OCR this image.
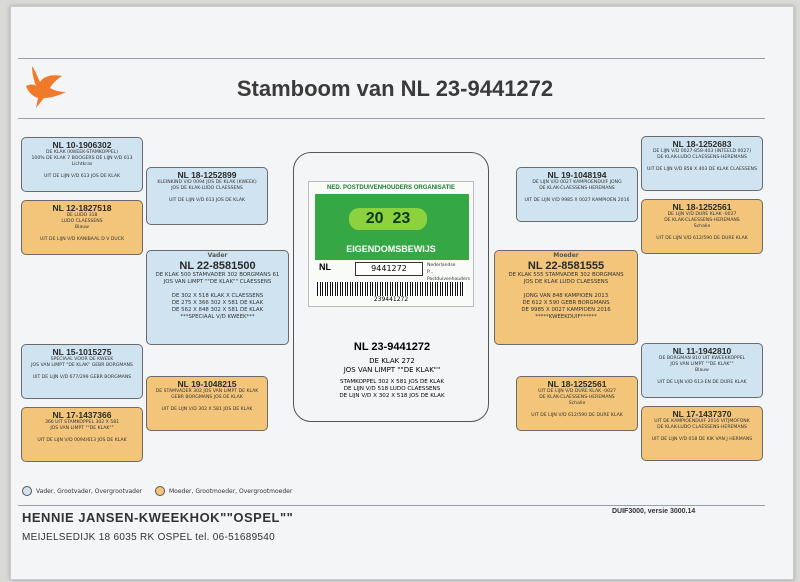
Stamboom van NL 23-9441272
NL 10-1906302
DE KLAK (KWEEK-STAMKOPPEL)
100% DE KLAK 7 BOOGERS DE LIJN V/D 613
Lichtkras

UIT DE LIJN V/D 613 JOS DE KLAK
NL 12-1827518
DE LUDO 318
LUDO CLAESSENS
Blauw

UIT DE LIJN V/D KANIBAAL D V DUCK
NL 15-1015275
SPECIAAL VOOR DE KWEEK
JOS VAN LIMPT "DE KLAK" GEBR BORGMANS

UIT DE LIJN V/D 677/299 GEBR BORGMANS
NL 17-1437366
366 UIT STAMKOPPEL 302 X 581
JOS VAN LIMPT ""DE KLAK""

UIT DE LIJN V/D 0094/613 JOS DE KLAK
NL 18-1252899
KLEINKIND V/D 0094 JOS DE KLAK (KWEEK)
JOS DE KLAK-LUDO CLAESSENS

UIT DE LIJN V/D 613 JOS DE KLAK
NL 19-1048215
DE STAMVADER 302 JOS VAN LIMPT DE KLAK
GEBR BORGMANS JOS DE KLAK

UIT DE LIJN V/D 302 X 581 JOS DE KLAK
Vader
NL 22-8581500
DE KLAK 500 STAMVADER 302 BORGMANS 61
JOS VAN LIMPT ""DE KLAK"" CLAESSENS

DE 302 X 518 KLAK X CLAESSENS
DE 275 X 366 302 X 581 DE KLAK
DE 562 X 848 302 X 581 DE KLAK
***SPECIAAL V/D KWEEK***
NED. POSTDUIVENHOUDERS ORGANISATIE
20 23
EIGENDOMSBEWIJS
NL	9441272	Nederlandse
P...
Postduivenhouders
239441272
NL 23-9441272
DE KLAK 272
JOS VAN LIMPT ""DE KLAK""
STAMKOPPEL 302 X 581 JOS DE KLAK
DE LIJN V/D 518 LUDO CLAESSENS
DE LIJN V/D X 302 X 518 JOS DE KLAK
Moeder
NL 22-8581555
DE KLAK 555 STAMVADER 302 BORGMANS
JOS DE KLAK LUDO CLAESSENS

JONG VAN 848 KAMPIOEN 2013
DE 612 X 590 GEBR BORGMANS
DE 9985 X 0027 KAMPIOEN 2016
*****KWEEKDUIF******
NL 19-1048194
DE LIJN V/D 0027 KAMPIOENDUIF JONG
DE KLAK-CLAESSENS-HEREMANS

UIT DE LIJN V/D 9985 X 0027 KAMPIOEN 2016
NL 18-1252561
UIT DE LIJN V/D DURE KLAK -0027
DE KLAK-CLAESSENS-HEREMANS
Schalie

UIT DE LIJN V/D 612/590 DE DURE KLAK
NL 18-1252683
DE LIJN V/D 0027-858-403 (INTEELD 0027)
DE KLAK-LUDO CLAESSENS-HEREMANS

UIT DE LIJN V/D 858 X 403 DE KLAK CLAESSENS
NL 18-1252561
DE LIJN V/D DURE KLAK -0027
DE KLAK-CLAESSENS-HEREMANS
Schalie

UIT DE LIJN V/D 612/590 DE DURE KLAK
NL 11-1942810
DE BORGMAN 810 UIT KWEEKKOPPEL
JOS VAN LIMPT ""DE KLAK""
Blauw

UIT DE LIJN V/D 613-EN DE DURE KLAK
NL 17-1437370
UIT DE KAMPIOENDUIF 2016 VITJMOFONK
DE KLAK-LUDO CLAESSENS-HEREMANS

UIT DE LIJN V/D 018 DE KIK VAN J HERMANS
Vader, Grootvader, Overgrootvader	Moeder, Grootmoeder, Overgrootmoeder
DUIF3000, versie 3000.14
HENNIE JANSEN-KWEEKHOK""OSPEL""
MEIJELSEDIJK 18 6035 RK OSPEL tel. 06-51689540
